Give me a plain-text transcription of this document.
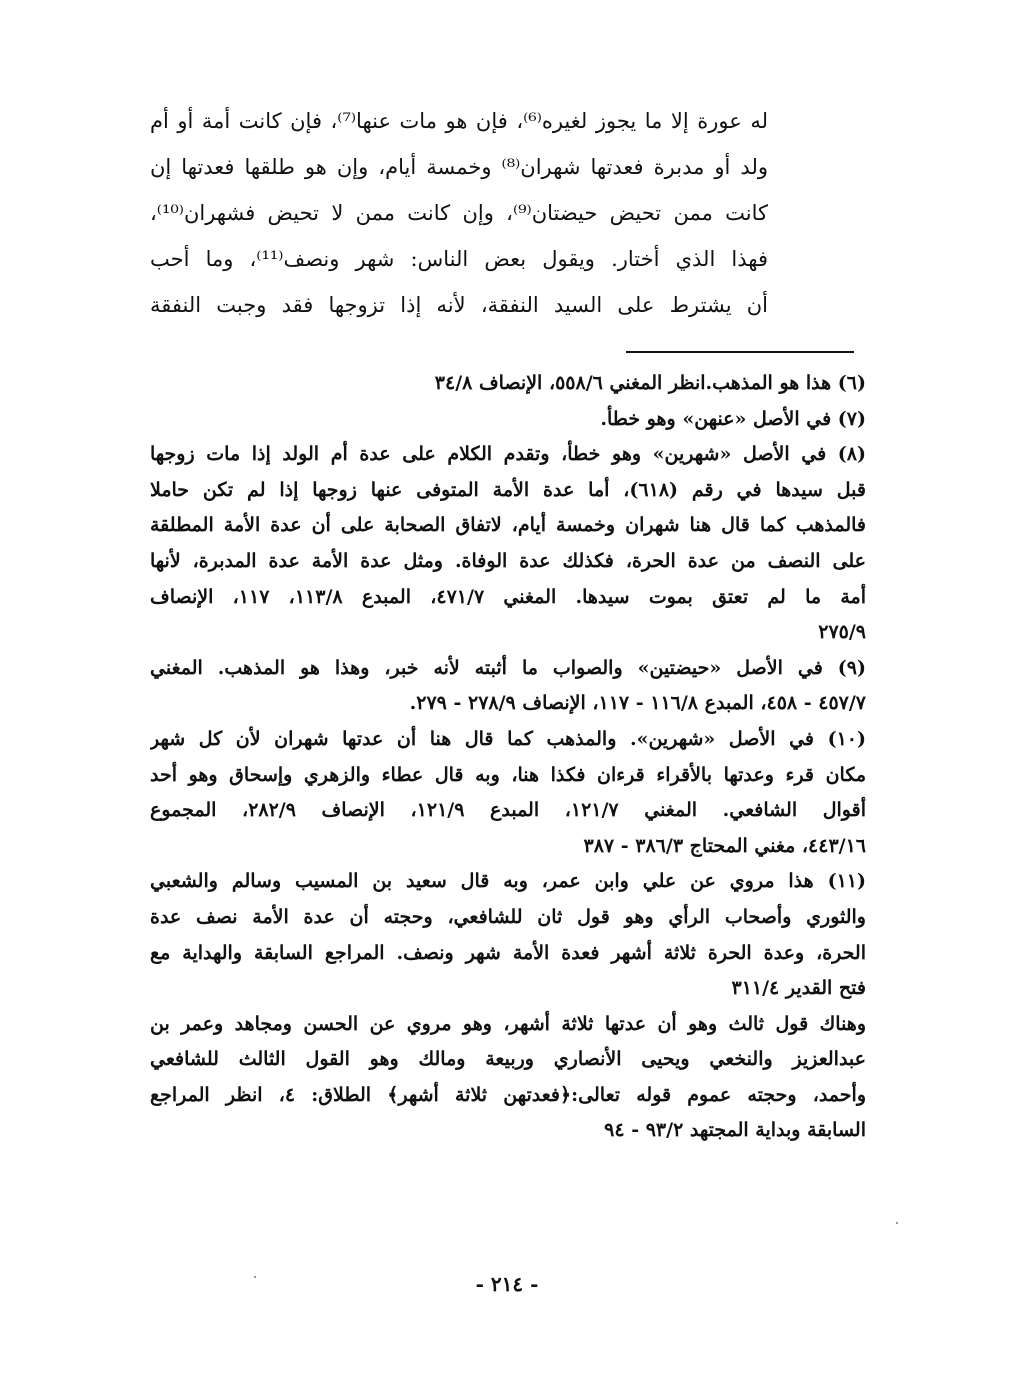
له عورة إلا ما يجوز لغيره⁽⁶⁾، فإن هو مات عنها⁽⁷⁾، فإن كانت أمة أو أم
ولد أو مدبرة فعدتها شهران⁽⁸⁾ وخمسة أيام، وإن هو طلقها فعدتها إن
كانت ممن تحيض حيضتان⁽⁹⁾، وإن كانت ممن لا تحيض فشهران⁽¹⁰⁾،
فهذا الذي أختار. ويقول بعض الناس: شهر ونصف⁽¹¹⁾، وما أحب
أن يشترط على السيد النفقة، لأنه إذا تزوجها فقد وجبت النفقة
(٦) هذا هو المذهب.انظر المغني ٥٥٨/٦، الإنصاف ٣٤/٨
(٧) في الأصل «عنهن» وهو خطأ.
(٨) في الأصل «شهرين» وهو خطأ، وتقدم الكلام على عدة أم الولد إذا مات زوجها
قبل سيدها في رقم (٦١٨)، أما عدة الأمة المتوفى عنها زوجها إذا لم تكن حاملا
فالمذهب كما قال هنا شهران وخمسة أيام، لاتفاق الصحابة على أن عدة الأمة المطلقة
على النصف من عدة الحرة، فكذلك عدة الوفاة. ومثل عدة الأمة عدة المدبرة، لأنها
أمة ما لم تعتق بموت سيدها. المغني ٤٧١/٧، المبدع ١١٣/٨، ١١٧، الإنصاف
٢٧٥/٩
(٩) في الأصل «حيضتين» والصواب ما أثبته لأنه خبر، وهذا هو المذهب. المغني
٤٥٧/٧ - ٤٥٨، المبدع ١١٦/٨ - ١١٧، الإنصاف ٢٧٨/٩ - ٢٧٩.
(١٠) في الأصل «شهرين». والمذهب كما قال هنا أن عدتها شهران لأن كل شهر
مكان قرء وعدتها بالأقراء قرءان فكذا هنا، وبه قال عطاء والزهري وإسحاق وهو أحد
أقوال الشافعي. المغني ١٢١/٧، المبدع ١٢١/٩، الإنصاف ٢٨٢/٩، المجموع
٤٤٣/١٦، مغني المحتاج ٣٨٦/٣ - ٣٨٧
(١١) هذا مروي عن علي وابن عمر، وبه قال سعيد بن المسيب وسالم والشعبي
والثوري وأصحاب الرأي وهو قول ثان للشافعي، وحجته أن عدة الأمة نصف عدة
الحرة، وعدة الحرة ثلاثة أشهر فعدة الأمة شهر ونصف. المراجع السابقة والهداية مع
فتح القدير ٣١١/٤
وهناك قول ثالث وهو أن عدتها ثلاثة أشهر، وهو مروي عن الحسن ومجاهد وعمر بن
عبدالعزيز والنخعي ويحيى الأنصاري وربيعة ومالك وهو القول الثالث للشافعي
وأحمد، وحجته عموم قوله تعالى:﴿فعدتهن ثلاثة أشهر﴾ الطلاق: ٤، انظر المراجع
السابقة وبداية المجتهد ٩٣/٢ - ٩٤
- ٢١٤ -
